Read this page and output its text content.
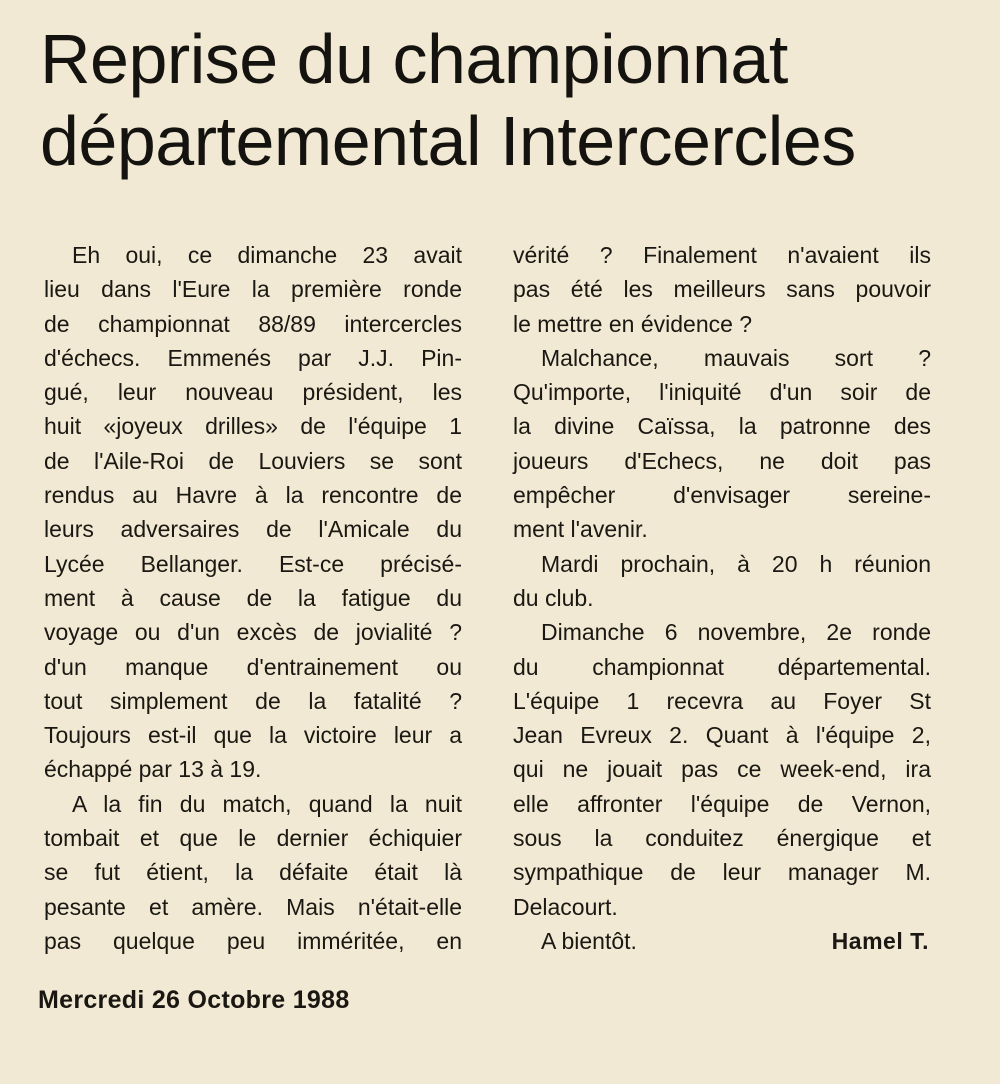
Reprise du championnat
départemental Intercercles

Eh oui, ce dimanche 23 avait
lieu dans l'Eure la première ronde
de championnat 88/89 intercercles
d'échecs. Emmenés par J.J. Pin-
gué, leur nouveau président, les
huit «joyeux drilles» de l'équipe 1
de l'Aile-Roi de Louviers se sont
rendus au Havre à la rencontre de
leurs adversaires de l'Amicale du
Lycée Bellanger. Est-ce précisé-
ment à cause de la fatigue du
voyage ou d'un excès de jovialité ?
d'un manque d'entrainement ou
tout simplement de la fatalité ?
Toujours est-il que la victoire leur a
échappé par 13 à 19.

A la fin du match, quand la nuit
tombait et que le dernier échiquier
se fut étient, la défaite était là
pesante et amère. Mais n'était-elle
pas quelque peu imméritée, en

vérité ? Finalement n'avaient ils
pas été les meilleurs sans pouvoir
le mettre en évidence ?

Malchance, mauvais sort ?
Qu'importe, l'iniquité d'un soir de
la divine Caïssa, la patronne des
joueurs d'Echecs, ne doit pas
empêcher d'envisager sereine-
ment l'avenir.

Mardi prochain, à 20 h réunion
du club.

Dimanche 6 novembre, 2e ronde
du championnat départemental.
L'équipe 1 recevra au Foyer St
Jean Evreux 2. Quant à l'équipe 2,
qui ne jouait pas ce week-end, ira
elle affronter l'équipe de Vernon,
sous la conduitez énergique et
sympathique de leur manager M.
Delacourt.

A bientôt.	Hamel T.
Mercredi 26 Octobre 1988
